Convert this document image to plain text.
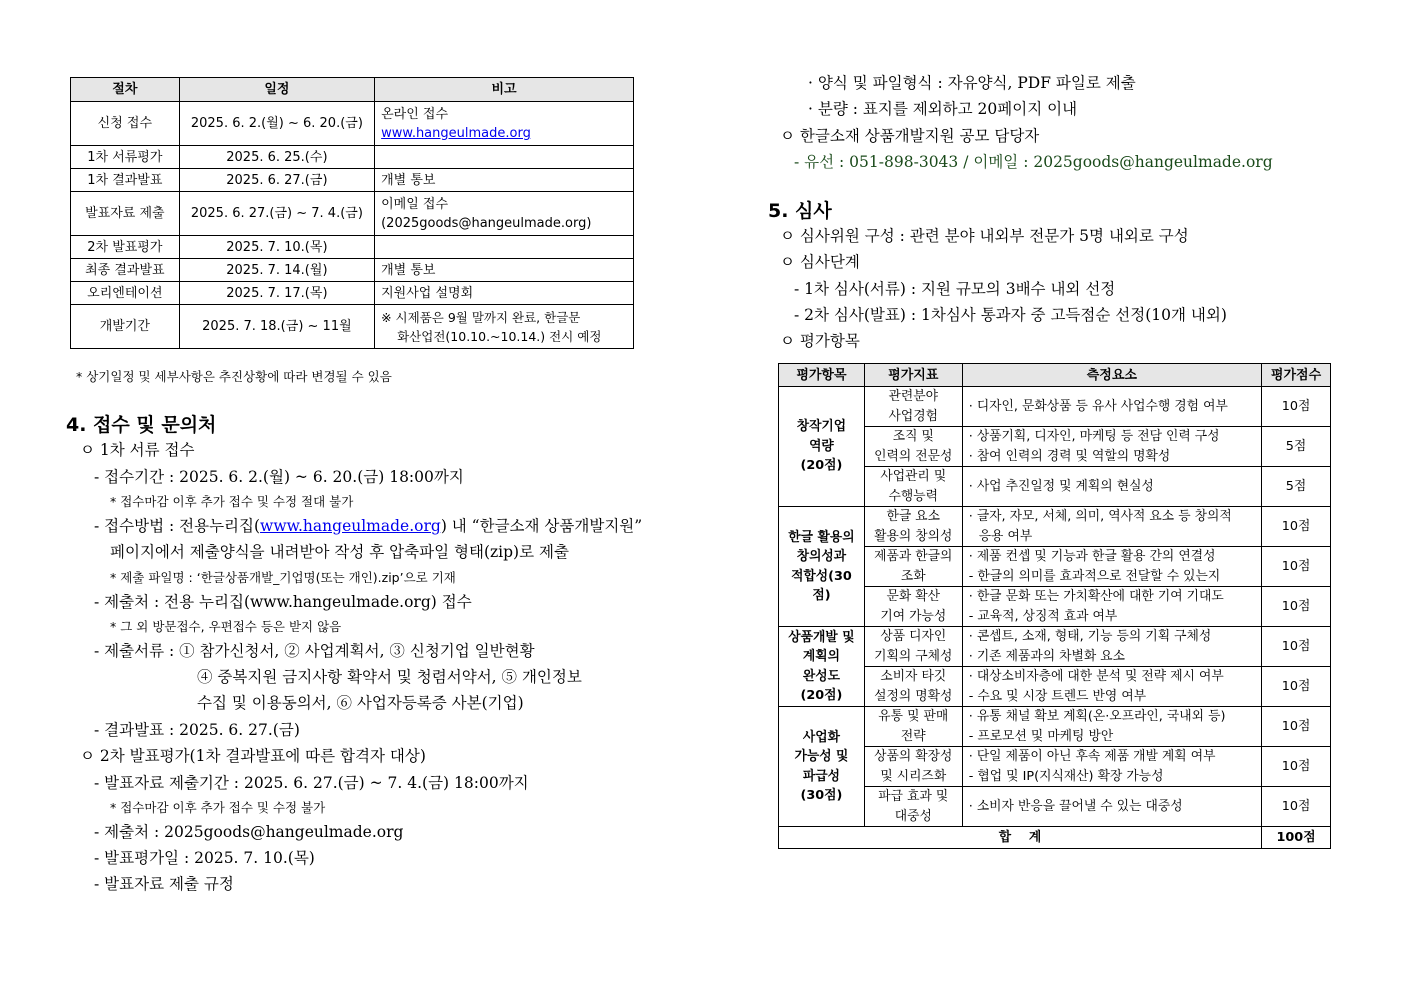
절차	일정	비고
신청 접수	2025. 6. 2.(월) ~ 6. 20.(금)	온라인 접수
www.hangeulmade.org

1차 서류평가	2025. 6. 25.(수)	
1차 결과발표	2025. 6. 27.(금)	개별 통보
발표자료 제출	2025. 6. 27.(금) ~ 7. 4.(금)	이메일 접수
(2025goods@hangeulmade.org)

2차 발표평가	2025. 7. 10.(목)	
최종 결과발표	2025. 7. 14.(월)	개별 통보
오리엔테이션	2025. 7. 17.(목)	지원사업 설명회
개발기간	2025. 7. 18.(금) ~ 11월	※ 시제품은 9월 말까지 완료, 한글문
화산업전(10.10.~10.14.) 전시 예정
* 상기일정 및 세부사항은 추진상황에 따라 변경될 수 있음
4. 접수 및 문의처
ㅇ 1차 서류 접수
- 접수기간 : 2025. 6. 2.(월) ~ 6. 20.(금) 18:00까지
* 접수마감 이후 추가 접수 및 수정 절대 불가
- 접수방법 : 전용누리집(www.hangeulmade.org) 내 “한글소재 상품개발지원”
페이지에서 제출양식을 내려받아 작성 후 압축파일 형태(zip)로 제출
* 제출 파일명 : ‘한글상품개발_기업명(또는 개인).zip’으로 기재
- 제출처 : 전용 누리집(www.hangeulmade.org) 접수
* 그 외 방문접수, 우편접수 등은 받지 않음
- 제출서류 : ① 참가신청서, ② 사업계획서, ③ 신청기업 일반현황
④ 중복지원 금지사항 확약서 및 청렴서약서, ⑤ 개인정보
수집 및 이용동의서, ⑥ 사업자등록증 사본(기업)
- 결과발표 : 2025. 6. 27.(금)
ㅇ 2차 발표평가(1차 결과발표에 따른 합격자 대상)
- 발표자료 제출기간 : 2025. 6. 27.(금) ~ 7. 4.(금) 18:00까지
* 접수마감 이후 추가 접수 및 수정 불가
- 제출처 : 2025goods@hangeulmade.org
- 발표평가일 : 2025. 7. 10.(목)
- 발표자료 제출 규정
· 양식 및 파일형식 : 자유양식, PDF 파일로 제출
· 분량 : 표지를 제외하고 20페이지 이내
ㅇ 한글소재 상품개발지원 공모 담당자
- 유선 : 051-898-3043 / 이메일 : 2025goods@hangeulmade.org
5. 심사
ㅇ 심사위원 구성 : 관련 분야 내외부 전문가 5명 내외로 구성
ㅇ 심사단계
- 1차 심사(서류) : 지원 규모의 3배수 내외 선정
- 2차 심사(발표) : 1차심사 통과자 중 고득점순 선정(10개 내외)
ㅇ 평가항목
평가항목	평가지표	측정요소	평가점수

창작기업
역량
(20점)	관련분야
사업경험	· 디자인, 문화상품 등 유사 사업수행 경험 여부	10점

	조직 및
인력의 전문성	· 상품기획, 디자인, 마케팅 등 전담 인력 구성
· 참여 인력의 경력 및 역할의 명확성	5점

	사업관리 및
수행능력	· 사업 추진일정 및 계획의 현실성	5점

한글 활용의
창의성과
적합성(30점)	한글 요소
활용의 창의성	· 글자, 자모, 서체, 의미, 역사적 요소 등 창의적
응용 여부	10점

	제품과 한글의
조화	· 제품 컨셉 및 기능과 한글 활용 간의 연결성
- 한글의 의미를 효과적으로 전달할 수 있는지	10점

	문화 확산
기여 가능성	· 한글 문화 또는 가치확산에 대한 기여 기대도
- 교육적, 상징적 효과 여부	10점

상품개발 및
계획의
완성도
(20점)	상품 디자인
기획의 구체성	· 콘셉트, 소재, 형태, 기능 등의 기획 구체성
· 기존 제품과의 차별화 요소	10점

	소비자 타깃
설정의 명확성	· 대상소비자층에 대한 분석 및 전략 제시 여부
- 수요 및 시장 트렌드 반영 여부	10점

사업화
가능성 및
파급성
(30점)	유통 및 판매
전략	· 유통 채널 확보 계획(온·오프라인, 국내외 등)
- 프로모션 및 마케팅 방안	10점

	상품의 확장성
및 시리즈화	· 단일 제품이 아닌 후속 제품 개발 계획 여부
- 협업 및 IP(지식재산) 확장 가능성	10점

	파급 효과 및
대중성	· 소비자 반응을 끌어낼 수 있는 대중성	10점
합    계			100점
